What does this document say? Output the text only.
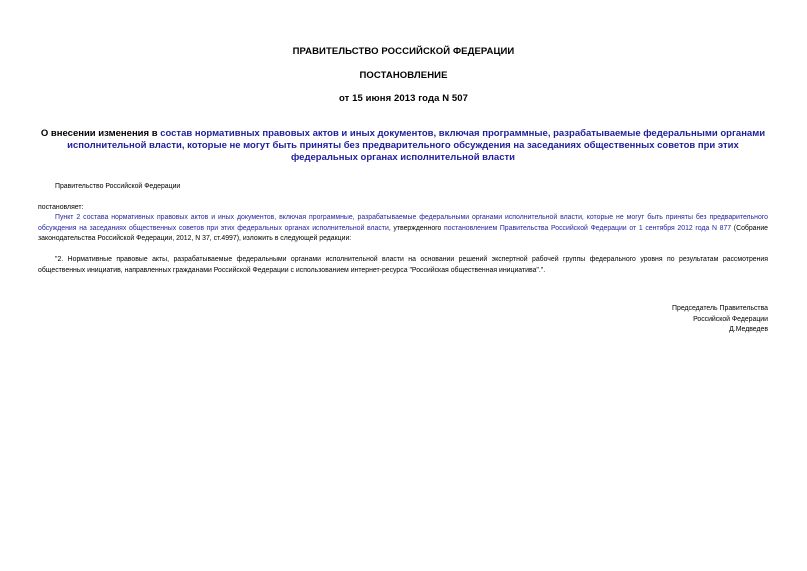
ПРАВИТЕЛЬСТВО РОССИЙСКОЙ ФЕДЕРАЦИИ
ПОСТАНОВЛЕНИЕ
от 15 июня 2013 года N 507
О внесении изменения в состав нормативных правовых актов и иных документов, включая программные, разрабатываемые федеральными органами исполнительной власти, которые не могут быть приняты без предварительного обсуждения на заседаниях общественных советов при этих федеральных органах исполнительной власти
Правительство Российской Федерации
постановляет:
Пункт 2 состава нормативных правовых актов и иных документов, включая программные, разрабатываемые федеральными органами исполнительной власти, которые не могут быть приняты без предварительного обсуждения на заседаниях общественных советов при этих федеральных органах исполнительной власти, утвержденного постановлением Правительства Российской Федерации от 1 сентября 2012 года N 877 (Собрание законодательства Российской Федерации, 2012, N 37, ст.4997), изложить в следующей редакции:
"2. Нормативные правовые акты, разрабатываемые федеральными органами исполнительной власти на основании решений экспертной рабочей группы федерального уровня по результатам рассмотрения общественных инициатив, направленных гражданами Российской Федерации с использованием интернет-ресурса "Российская общественная инициатива".".
Председатель Правительства
Российской Федерации
Д.Медведев
